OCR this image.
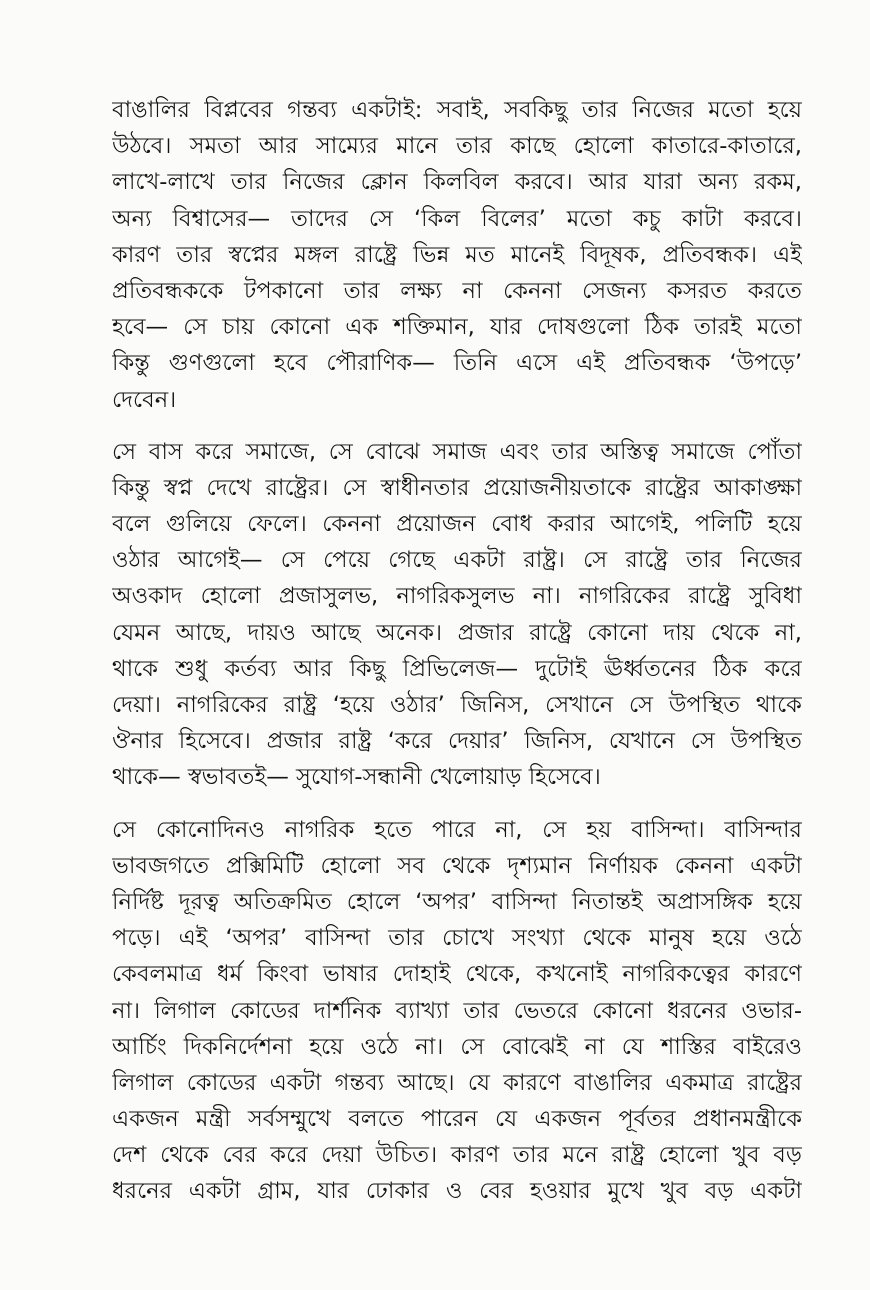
বাঙালির বিপ্লবের গন্তব্য একটাই: সবাই, সবকিছু তার নিজের মতো হয়ে
উঠবে। সমতা আর সাম্যের মানে তার কাছে হোলো কাতারে-কাতারে,
লাখে-লাখে তার নিজের ক্লোন কিলবিল করবে। আর যারা অন্য রকম,
অন্য বিশ্বাসের— তাদের সে ‘কিল বিলের’ মতো কচু কাটা করবে।
কারণ তার স্বপ্নের মঙ্গল রাষ্ট্রে ভিন্ন মত মানেই বিদূষক, প্রতিবন্ধক। এই
প্রতিবন্ধককে টপকানো তার লক্ষ্য না কেননা সেজন্য কসরত করতে
হবে— সে চায় কোনো এক শক্তিমান, যার দোষগুলো ঠিক তারই মতো
কিন্তু গুণগুলো হবে পৌরাণিক— তিনি এসে এই প্রতিবন্ধক ‘উপড়ে’
দেবেন।
সে বাস করে সমাজে, সে বোঝে সমাজ এবং তার অস্তিত্ব সমাজে পোঁতা
কিন্তু স্বপ্ন দেখে রাষ্ট্রের। সে স্বাধীনতার প্রয়োজনীয়তাকে রাষ্ট্রের আকাঙ্ক্ষা
বলে গুলিয়ে ফেলে। কেননা প্রয়োজন বোধ করার আগেই, পলিটি হয়ে
ওঠার আগেই— সে পেয়ে গেছে একটা রাষ্ট্র। সে রাষ্ট্রে তার নিজের
অওকাদ হোলো প্রজাসুলভ, নাগরিকসুলভ না। নাগরিকের রাষ্ট্রে সুবিধা
যেমন আছে, দায়ও আছে অনেক। প্রজার রাষ্ট্রে কোনো দায় থেকে না,
থাকে শুধু কর্তব্য আর কিছু প্রিভিলেজ— দুটোই ঊর্ধ্বতনের ঠিক করে
দেয়া। নাগরিকের রাষ্ট্র ‘হয়ে ওঠার’ জিনিস, সেখানে সে উপস্থিত থাকে
ঔনার হিসেবে। প্রজার রাষ্ট্র ‘করে দেয়ার’ জিনিস, যেখানে সে উপস্থিত
থাকে— স্বভাবতই— সুযোগ-সন্ধানী খেলোয়াড় হিসেবে।
সে কোনোদিনও নাগরিক হতে পারে না, সে হয় বাসিন্দা। বাসিন্দার
ভাবজগতে প্রক্সিমিটি হোলো সব থেকে দৃশ্যমান নির্ণায়ক কেননা একটা
নির্দিষ্ট দূরত্ব অতিক্রমিত হোলে ‘অপর’ বাসিন্দা নিতান্তই অপ্রাসঙ্গিক হয়ে
পড়ে। এই ‘অপর’ বাসিন্দা তার চোখে সংখ্যা থেকে মানুষ হয়ে ওঠে
কেবলমাত্র ধর্ম কিংবা ভাষার দোহাই থেকে, কখনোই নাগরিকত্বের কারণে
না। লিগাল কোডের দার্শনিক ব্যাখ্যা তার ভেতরে কোনো ধরনের ওভার-
আর্চিং দিকনির্দেশনা হয়ে ওঠে না। সে বোঝেই না যে শাস্তির বাইরেও
লিগাল কোডের একটা গন্তব্য আছে। যে কারণে বাঙালির একমাত্র রাষ্ট্রের
একজন মন্ত্রী সর্বসম্মুখে বলতে পারেন যে একজন পূর্বতর প্রধানমন্ত্রীকে
দেশ থেকে বের করে দেয়া উচিত। কারণ তার মনে রাষ্ট্র হোলো খুব বড়
ধরনের একটা গ্রাম, যার ঢোকার ও বের হওয়ার মুখে খুব বড় একটা
